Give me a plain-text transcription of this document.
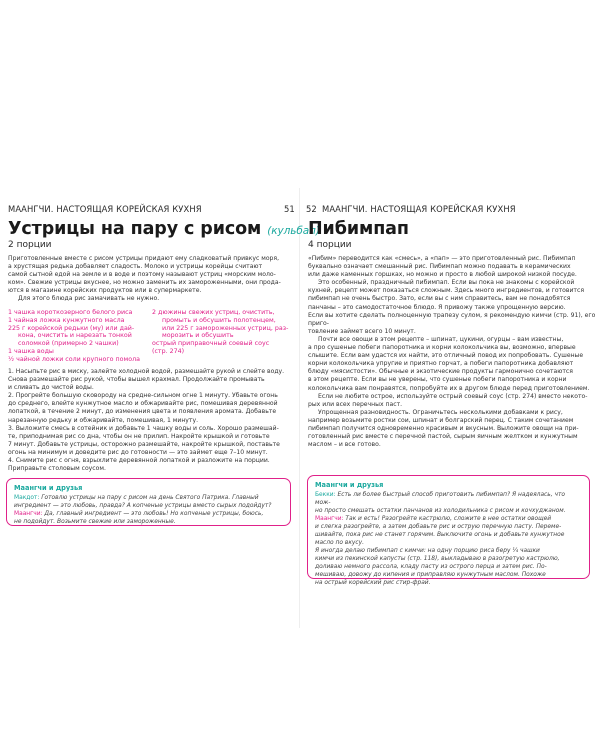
МААНГЧИ. НАСТОЯЩАЯ КОРЕЙСКАЯ КУХНЯ	51
Устрицы на пару с рисом (кульбап)
2 порции

Приготовленные вместе с рисом устрицы придают ему сладковатый привкус моря,

а хрустящая редька добавляет сладость. Молоко и устрицы корейцы считают

самой сытной едой на земле и в воде и поэтому называют устриц «морским моло-

ком». Свежие устрицы вкуснее, но можно заменить их замороженными, они прода-

ются в магазине корейских продуктов или в супермаркете.

Для этого блюда рис замачивать не нужно.

1 чашка короткозерного белого риса
1 чайная ложка кунжутного масла
225 г корейской редьки (му) или дай-
кона, очистить и нарезать тонкой
соломкой (примерно 2 чашки)
1 чашка воды
½ чайной ложки соли крупного помола
2 дюжины свежих устриц, очистить,
промыть и обсушить полотенцем,
или 225 г замороженных устриц, раз-
морозить и обсушить
острый приправочный соевый соус
(стр. 274)

1. Насыпьте рис в миску, залейте холодной водой, размешайте рукой и слейте воду.

Снова размешайте рис рукой, чтобы вышел крахмал. Продолжайте промывать

и сливать до чистой воды.

2. Прогрейте большую сковороду на средне-сильном огне 1 минуту. Убавьте огонь

до среднего, влейте кунжутное масло и обжаривайте рис, помешивая деревянной

лопаткой, в течение 2 минут, до изменения цвета и появления аромата. Добавьте

нарезанную редьку и обжаривайте, помешивая, 1 минуту.

3. Выложите смесь в сотейник и добавьте 1 чашку воды и соль. Хорошо размешай-

те, приподнимая рис со дна, чтобы он не прилип. Накройте крышкой и готовьте

7 минут. Добавьте устрицы, осторожно размешайте, накройте крышкой, поставьте

огонь на минимум и доведите рис до готовности — это займет еще 7–10 минут.

4. Снимите рис с огня, взрыхлите деревянной лопаткой и разложите на порции.

Приправьте столовым соусом.

Маангчи и друзья
Макдот: Готовлю устрицы на пару с рисом на день Святого Патрика. Главный
ингредиент — это любовь, правда? А копченые устрицы вместо сырых подойдут?
Маангчи: Да, главный ингредиент — это любовь! Но копченые устрицы, боюсь,
не подойдут. Возьмите свежие или замороженные.
52 МААНГЧИ. НАСТОЯЩАЯ КОРЕЙСКАЯ КУХНЯ
Пибимпап
4 порции

«Пибим» переводится как «смесь», а «пап» — это приготовленный рис. Пибимпап

буквально означает смешанный рис. Пибимпап можно подавать в керамических

или даже каменных горшках, но можно и просто в любой широкой низкой посуде.

Это особенный, праздничный пибимпап. Если вы пока не знакомы с корейской

кухней, рецепт может показаться сложным. Здесь много ингредиентов, и готовится

пибимпап не очень быстро. Зато, если вы с ним справитесь, вам не понадобятся

панчаны – это самодостаточное блюдо. Я привожу также упрощенную версию.

Если вы хотите сделать полноценную трапезу сулом, я рекомендую кимчи (стр. 91), его приго-

товление займет всего 10 минут.

Почти все овощи в этом рецепте – шпинат, цукини, огурцы – вам известны,

а про сушеные побеги папоротника и корни колокольчика вы, возможно, впервые

слышите. Если вам удастся их найти, это отличный повод их попробовать. Сушеные

корни колокольчика упругие и приятно горчат, а побеги папоротника добавляют

блюду «мясистости». Обычные и экзотические продукты гармонично сочетаются

в этом рецепте. Если вы не уверены, что сушеные побеги папоротника и корни

колокольчика вам понравятся, попробуйте их в другом блюде перед приготовлением.

Если не любите острое, используйте острый соевый соус (стр. 274) вместо некото-

рых или всех перечных паст.

Упрощенная разновидность. Ограничьтесь несколькими добавками к рису,

например возьмите ростки сои, шпинат и болгарский перец. С таким сочетанием

пибимпап получится одновременно красивым и вкусным. Выложите овощи на при-

готовленный рис вместе с перечной пастой, сырым яичным желтком и кунжутным

маслом – и все готово.

Маангчи и друзья
Бекки: Есть ли более быстрый способ приготовить пибимпап? Я надеялась, что мож-
но просто смешать остатки панчанов из холодильника с рисом и кочхуджаном.
Маангчи: Так и есть! Разогрейте кастрюлю, сложите в нее остатки овощей
и слегка разогрейте, а затем добавьте рис и острую перечную пасту. Переме-
шивайте, пока рис не станет горячим. Выключите огонь и добавьте кунжутное
масло по вкусу.
Я иногда делаю пибимпап с кимчи: на одну порцию риса беру ¼ чашки
кимчи из пекинской капусты (стр. 118), выкладываю в разогретую кастрюлю,
доливаю немного рассола, кладу пасту из острого перца и затем рис. По-
мешиваю, довожу до кипения и приправляю кунжутным маслом. Похоже
на острый корейский рис стир-фрай.
